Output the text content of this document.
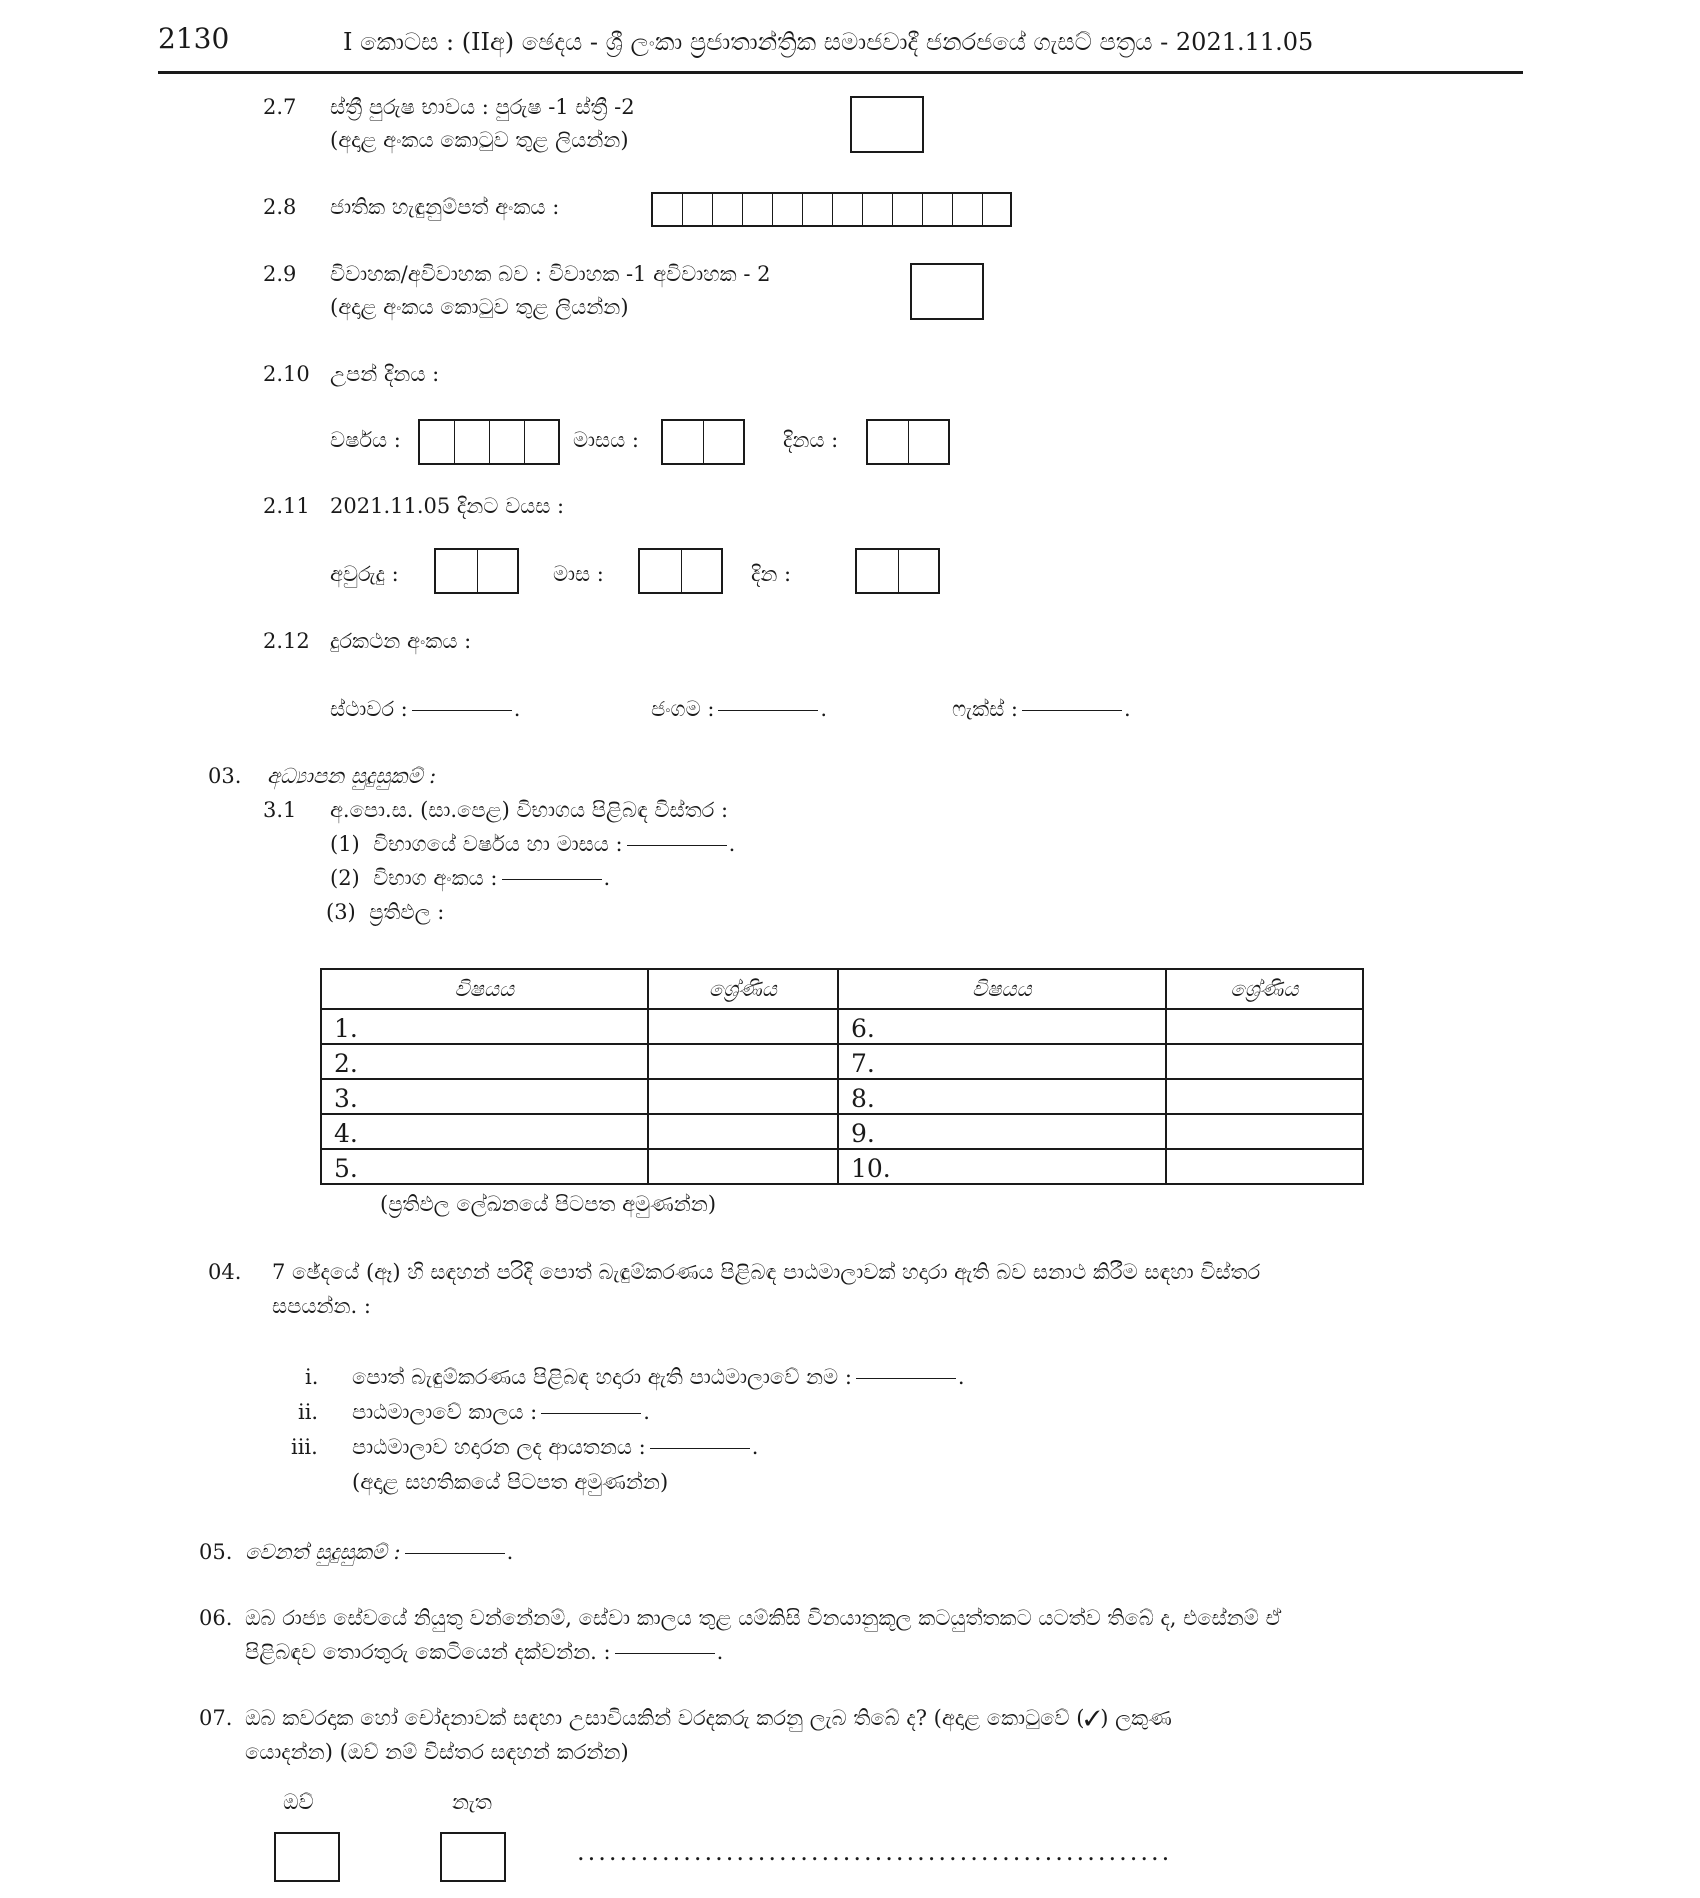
2130	I කොටස : (IIඅ) ඡෙදය - ශ්‍රී ලංකා ප්‍රජාතාන්ත්‍රික සමාජවාදී ජනරජයේ ගැසට් පත්‍රය - 2021.11.05
2.7 ස්ත්‍රී පුරුෂ භාවය : පුරුෂ -1 ස්ත්‍රී -2
(අදාළ අංකය කොටුව තුළ ලියන්න)
2.8 ජාතික හැඳුනුම්පත් අංකය :
2.9 විවාහක/අවිවාහක බව : විවාහක -1 අවිවාහක - 2
(අදාළ අංකය කොටුව තුළ ලියන්න)
2.10 උපන් දිනය :
වර්ෂය :	මාසය :	දිනය :
2.11 2021.11.05 දිනට වයස :
අවුරුදු :	මාස :	දින :
2.12 දුරකථන අංකය :
ස්ථාවර :	.	ජංගම :	.	ෆැක්ස් :	.
03. අධ්‍යාපන සුදුසුකම් :
3.1 අ.පො.ස. (සා.පෙළ) විභාගය පිළිබඳ විස්තර :
(1) විභාගයේ වර්ෂය හා මාසය :	.
(2) විභාග අංකය :	.
(3) ප්‍රතිඵල :
විෂයය	ශ්‍රේණිය	විෂයය	ශ්‍රේණිය
1.		6.	
2.		7.	
3.		8.	
4.		9.	
5.		10.	
(ප්‍රතිඵල ලේඛනයේ පිටපත අමුණන්න)
04. 7 ඡේදයේ (ඈ) හි සඳහන් පරිදි පොත් බැඳුම්කරණය පිළිබඳ පාඨමාලාවක් හදාරා ඇති බව සනාථ කිරීම සඳහා විස්තර
සපයන්න. :
i. පොත් බැඳුම්කරණය පිළිබඳ හදාරා ඇති පාඨමාලාවේ නම :	.
ii. පාඨමාලාවේ කාලය :	.
iii. පාඨමාලාව හදාරන ලද ආයතනය :	.
(අදාළ සහතිකයේ පිටපත අමුණන්න)
05. වෙනත් සුදුසුකම් :	.
06. ඔබ රාජ්‍ය සේවයේ නියුතු වන්නේනම්, සේවා කාලය තුළ යම්කිසි විනයානුකූල කටයුත්තකට යටත්ව තිබේ ද, එසේනම් ඒ
පිළිබඳව තොරතුරු කෙටියෙන් දක්වන්න. :	.
07. ඔබ කවරදාක හෝ චෝදනාවක් සඳහා උසාවියකින් වරදකරු කරනු ලැබ තිබේ ද? (අදාළ කොටුවේ (✓) ලකුණ
යොදන්න) (ඔව් නම් විස්තර සඳහන් කරන්න)
ඔව්	නැත
........................................................
